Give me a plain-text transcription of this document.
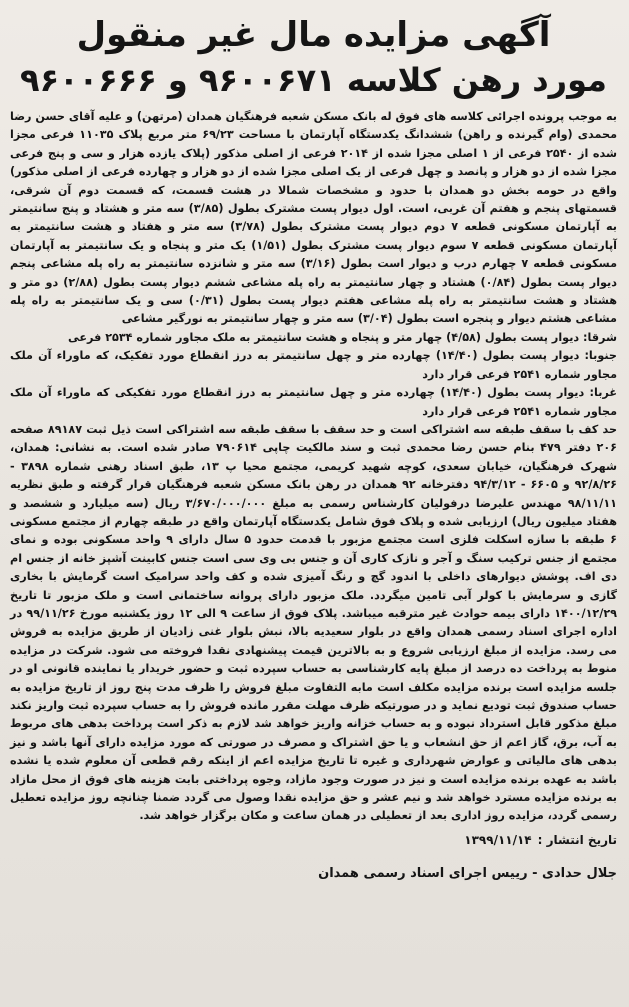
آگهی مزایده مال غیر منقول
مورد رهن کلاسه ۹۶۰۰۶۷۱ و ۹۶۰۰۶۶۶

به موجب پرونده اجرائی کلاسه های فوق له بانک مسکن شعبه فرهنگیان همدان (مرتهن) و علیه آقای حسن رضا محمدی (وام گیرنده و راهن) ششدانگ یکدستگاه آپارتمان با مساحت ۶۹/۲۳ متر مربع پلاک ۱۱۰۳۵ فرعی مجزا شده از ۲۵۴۰ فرعی از ۱ اصلی مجزا شده از ۲۰۱۴ فرعی از اصلی مذکور (پلاک یازده هزار و سی و پنج فرعی مجزا شده از دو هزار و پانصد و چهل فرعی از یک اصلی مجزا شده از دو هزار و چهارده فرعی از اصلی مذکور) واقع در حومه بخش دو همدان با حدود و مشخصات شمالا در هشت قسمت، که قسمت دوم آن شرقی، قسمتهای پنجم و هفتم آن غربی، است. اول دیوار پست مشترک بطول (۳/۸۵) سه متر و هشتاد و پنج سانتیمتر به آپارتمان مسکونی قطعه ۷ دوم دیوار پست مشترک بطول (۳/۷۸) سه متر و هفتاد و هشت سانتیمتر به آپارتمان مسکونی قطعه ۷ سوم دیوار پست مشترک بطول (۱/۵۱) یک متر و پنجاه و یک سانتیمتر به آپارتمان مسکونی قطعه ۷ چهارم درب و دیوار است بطول (۳/۱۶) سه متر و شانزده سانتیمتر به راه پله مشاعی پنجم دیوار پست بطول (۰/۸۴) هشتاد و چهار سانتیمتر به راه پله مشاعی ششم دیوار پست بطول (۲/۸۸) دو متر و هشتاد و هشت سانتیمتر به راه پله مشاعی هفتم دیوار پست بطول (۰/۳۱) سی و یک سانتیمتر به راه پله مشاعی هشتم دیوار و پنجره است بطول (۳/۰۴) سه متر و چهار سانتیمتر به نورگیر مشاعی

شرقا: دیوار پست بطول (۴/۵۸) چهار متر و پنجاه و هشت سانتیمتر به ملک مجاور شماره ۲۵۳۴ فرعی

جنوبا: دیوار پست بطول (۱۴/۴۰) چهارده متر و چهل سانتیمتر به درز انقطاع مورد تفکیک، که ماوراء آن ملک مجاور شماره ۲۵۴۱ فرعی قرار دارد

غربا: دیوار پست بطول (۱۴/۴۰) چهارده متر و چهل سانتیمتر به درز انقطاع مورد تفکیکی که ماوراء آن ملک مجاور شماره ۲۵۴۱ فرعی قرار دارد

حد کف با سقف طبقه سه اشتراکی است و حد سقف با سقف طبقه سه اشتراکی است ذیل ثبت ۸۹۱۸۷ صفحه ۲۰۶ دفتر ۴۷۹ بنام حسن رضا محمدی ثبت و سند مالکیت چاپی ۷۹۰۶۱۴ صادر شده است. به نشانی: همدان، شهرک فرهنگیان، خیابان سعدی، کوچه شهید کریمی، مجتمع محیا پ ۱۳، طبق اسناد رهنی شماره ۳۸۹۸ - ۹۲/۸/۲۶ و ۶۶۰۵ - ۹۴/۳/۱۲ دفترخانه ۹۲ همدان در رهن بانک مسکن شعبه فرهنگیان قرار گرفته و طبق نظریه ۹۸/۱۱/۱۱ مهندس علیرضا درفولیان کارشناس رسمی به مبلغ ۳/۶۷۰/۰۰۰/۰۰۰ ریال (سه میلیارد و ششصد و هفتاد میلیون ریال) ارزیابی شده و پلاک فوق شامل یکدستگاه آپارتمان واقع در طبقه چهارم از مجتمع مسکونی ۶ طبقه با سازه اسکلت فلزی است مجتمع مزبور با قدمت حدود ۵ سال دارای ۹ واحد مسکونی بوده و نمای مجتمع از جنس ترکیب سنگ و آجر و نازک کاری آن و جنس بی وی سی است جنس کابینت آشپز خانه از جنس ام دی اف. پوشش دیوارهای داخلی با اندود گچ و رنگ آمیزی شده و کف واحد سرامیک است گرمایش با بخاری گازی و سرمایش با کولر آبی تامین میگردد. ملک مزبور دارای پروانه ساختمانی است و ملک مزبور تا تاریخ ۱۴۰۰/۱۲/۲۹ دارای بیمه حوادث غیر مترقبه میباشد. پلاک فوق از ساعت ۹ الی ۱۲ روز یکشنبه مورخ ۹۹/۱۱/۲۶ در اداره اجرای اسناد رسمی همدان واقع در بلوار سعیدیه بالا، نبش بلوار غنی زادیان از طریق مزایده به فروش می رسد. مزایده از مبلغ ارزیابی شروع و به بالاترین قیمت پیشنهادی نقدا فروخته می شود. شرکت در مزایده منوط به پرداخت ده درصد از مبلغ پایه کارشناسی به حساب سپرده ثبت و حضور خریدار یا نماینده قانونی او در جلسه مزایده است برنده مزایده مکلف است مابه التفاوت مبلغ فروش را ظرف مدت پنج روز از تاریخ مزایده به حساب صندوق ثبت تودیع نماید و در صورتیکه ظرف مهلت مقرر مانده فروش را به حساب سپرده ثبت واریز نکند مبلغ مذکور قابل استرداد نبوده و به حساب خزانه واریز خواهد شد لازم به ذکر است پرداخت بدهی های مربوط به آب، برق، گاز اعم از حق انشعاب و یا حق اشتراک و مصرف در صورتی که مورد مزایده دارای آنها باشد و نیز بدهی های مالیاتی و عوارض شهرداری و غیره تا تاریخ مزایده اعم از اینکه رقم قطعی آن معلوم شده یا نشده باشد به عهده برنده مزایده است و نیز در صورت وجود مازاد، وجوه پرداختی بابت هزینه های فوق از محل مازاد به برنده مزایده مسترد خواهد شد و نیم عشر و حق مزایده نقدا وصول می گردد ضمنا چنانچه روز مزایده تعطیل رسمی گردد، مزایده روز اداری بعد از تعطیلی در همان ساعت و مکان برگزار خواهد شد.

تاریخ انتشار :
۱۳۹۹/۱۱/۱۴
جلال حدادی - رییس اجرای اسناد رسمی همدان
